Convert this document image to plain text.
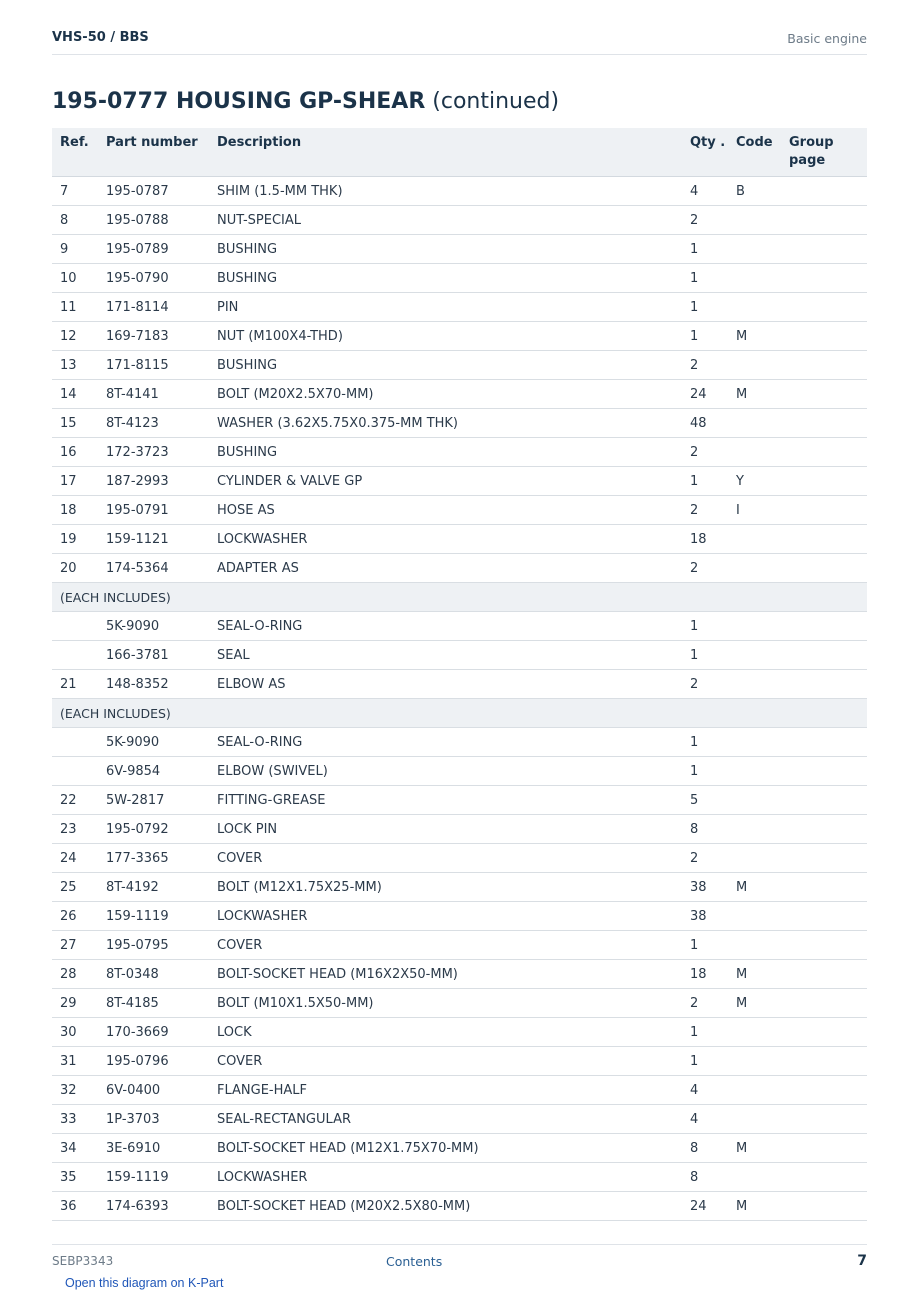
VHS-50 / BBS	Basic engine
195-0777 HOUSING GP-SHEAR (continued)
Ref.	Part number	Description	Qty .	Code	Group page
7	195-0787	SHIM (1.5-MM THK)	4	B	
8	195-0788	NUT-SPECIAL	2		
9	195-0789	BUSHING	1		
10	195-0790	BUSHING	1		
11	171-8114	PIN	1		
12	169-7183	NUT (M100X4-THD)	1	M	
13	171-8115	BUSHING	2		
14	8T-4141	BOLT (M20X2.5X70-MM)	24	M	
15	8T-4123	WASHER (3.62X5.75X0.375-MM THK)	48		
16	172-3723	BUSHING	2		
17	187-2993	CYLINDER & VALVE GP	1	Y	
18	195-0791	HOSE AS	2	I	
19	159-1121	LOCKWASHER	18		
20	174-5364	ADAPTER AS	2		
(EACH INCLUDES)					
	5K-9090	SEAL-O-RING	1		
	166-3781	SEAL	1		
21	148-8352	ELBOW AS	2		
(EACH INCLUDES)					
	5K-9090	SEAL-O-RING	1		
	6V-9854	ELBOW (SWIVEL)	1		
22	5W-2817	FITTING-GREASE	5		
23	195-0792	LOCK PIN	8		
24	177-3365	COVER	2		
25	8T-4192	BOLT (M12X1.75X25-MM)	38	M	
26	159-1119	LOCKWASHER	38		
27	195-0795	COVER	1		
28	8T-0348	BOLT-SOCKET HEAD (M16X2X50-MM)	18	M	
29	8T-4185	BOLT (M10X1.5X50-MM)	2	M	
30	170-3669	LOCK	1		
31	195-0796	COVER	1		
32	6V-0400	FLANGE-HALF	4		
33	1P-3703	SEAL-RECTANGULAR	4		
34	3E-6910	BOLT-SOCKET HEAD (M12X1.75X70-MM)	8	M	
35	159-1119	LOCKWASHER	8		
36	174-6393	BOLT-SOCKET HEAD (M20X2.5X80-MM)	24	M	
SEBP3343	Contents	7
Open this diagram on K-Part
